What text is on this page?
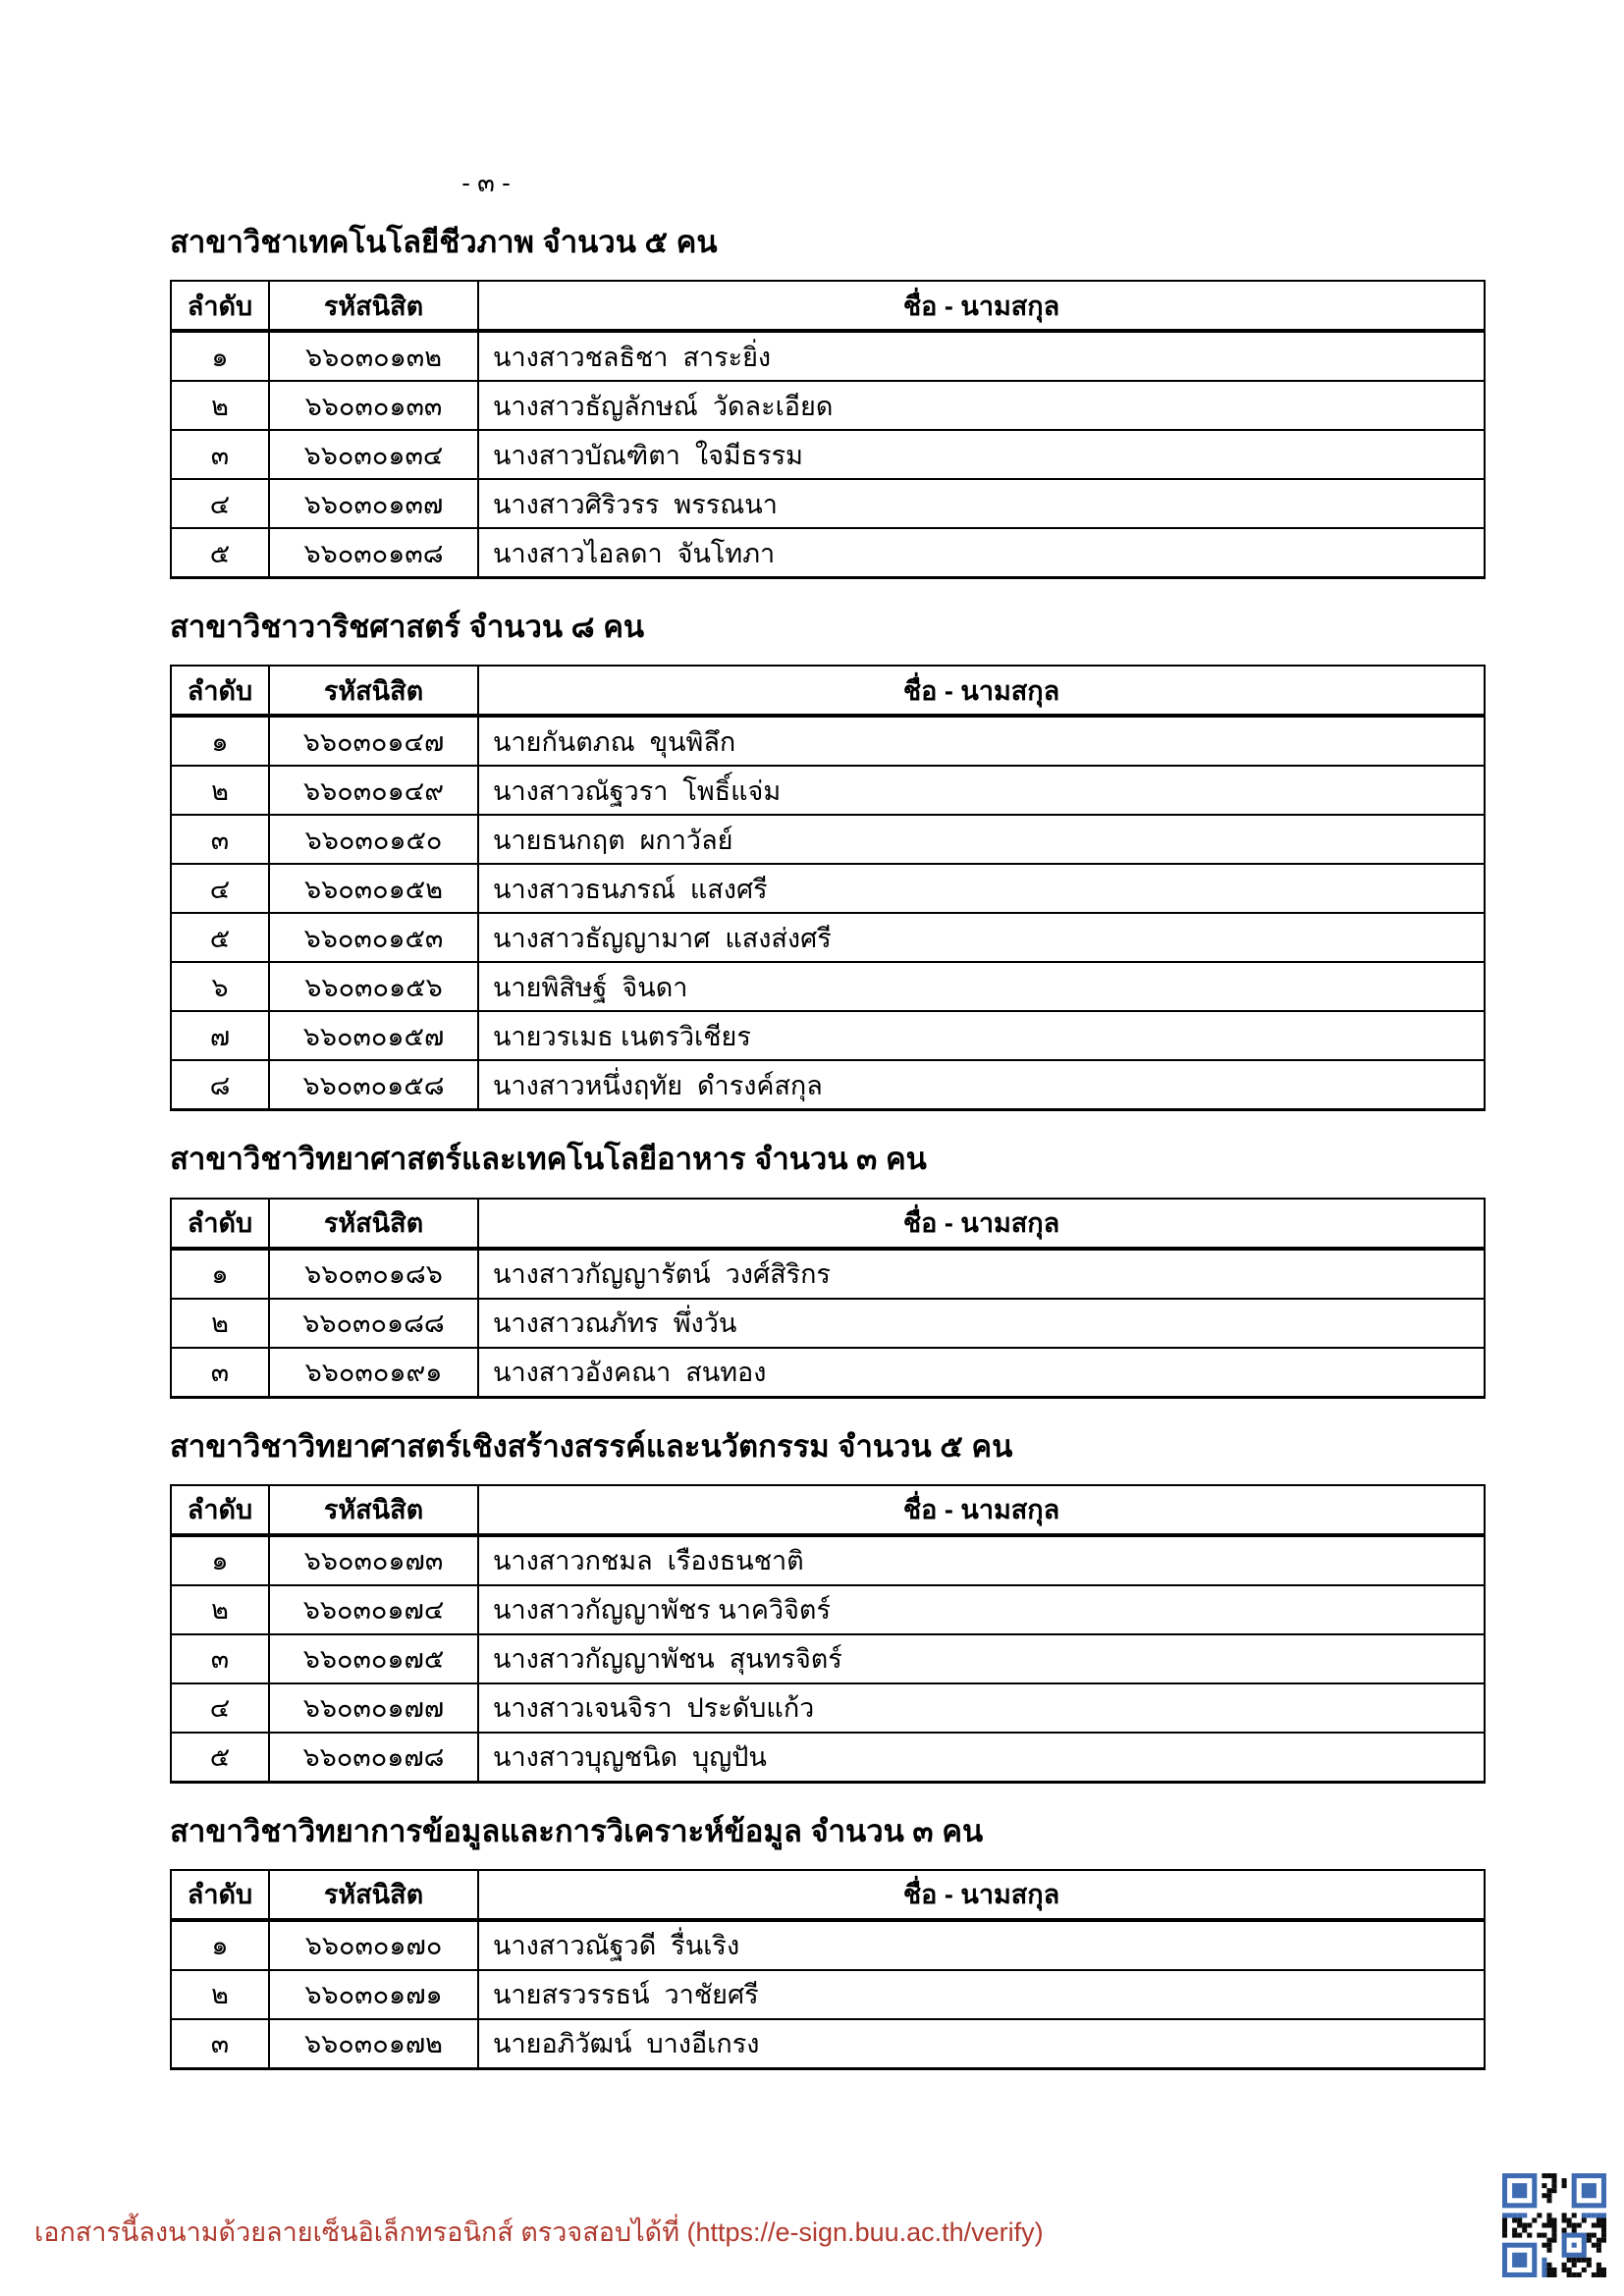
- ๓ -
สาขาวิชาเทคโนโลยีชีวภาพ จำนวน ๕ คน
ลำดับ	รหัสนิสิต	ชื่อ - นามสกุล
๑	๖๖๐๓๐๑๓๒	นางสาวชลธิชา  สาระยิ่ง
๒	๖๖๐๓๐๑๓๓	นางสาวธัญลักษณ์  วัดละเอียด
๓	๖๖๐๓๐๑๓๔	นางสาวบัณฑิตา  ใจมีธรรม
๔	๖๖๐๓๐๑๓๗	นางสาวศิริวรร  พรรณนา
๕	๖๖๐๓๐๑๓๘	นางสาวไอลดา  จันโทภา
สาขาวิชาวาริชศาสตร์ จำนวน ๘ คน
ลำดับ	รหัสนิสิต	ชื่อ - นามสกุล
๑	๖๖๐๓๐๑๔๗	นายกันตภณ  ขุนพิลึก
๒	๖๖๐๓๐๑๔๙	นางสาวณัฐวรา  โพธิ์แจ่ม
๓	๖๖๐๓๐๑๕๐	นายธนกฤต  ผกาวัลย์
๔	๖๖๐๓๐๑๕๒	นางสาวธนภรณ์  แสงศรี
๕	๖๖๐๓๐๑๕๓	นางสาวธัญญามาศ  แสงส่งศรี
๖	๖๖๐๓๐๑๕๖	นายพิสิษฐ์  จินดา
๗	๖๖๐๓๐๑๕๗	นายวรเมธ เนตรวิเชียร
๘	๖๖๐๓๐๑๕๘	นางสาวหนึ่งฤทัย  ดำรงค์สกุล
สาขาวิชาวิทยาศาสตร์และเทคโนโลยีอาหาร จำนวน ๓ คน
ลำดับ	รหัสนิสิต	ชื่อ - นามสกุล
๑	๖๖๐๓๐๑๘๖	นางสาวกัญญารัตน์  วงศ์สิริกร
๒	๖๖๐๓๐๑๘๘	นางสาวณภัทร  พึ่งวัน
๓	๖๖๐๓๐๑๙๑	นางสาวอังคณา  สนทอง
สาขาวิชาวิทยาศาสตร์เชิงสร้างสรรค์และนวัตกรรม จำนวน ๕ คน
ลำดับ	รหัสนิสิต	ชื่อ - นามสกุล
๑	๖๖๐๓๐๑๗๓	นางสาวกชมล  เรืองธนชาติ
๒	๖๖๐๓๐๑๗๔	นางสาวกัญญาพัชร นาควิจิตร์
๓	๖๖๐๓๐๑๗๕	นางสาวกัญญาพัชน  สุนทรจิตร์
๔	๖๖๐๓๐๑๗๗	นางสาวเจนจิรา  ประดับแก้ว
๕	๖๖๐๓๐๑๗๘	นางสาวบุญชนิด  บุญปัน
สาขาวิชาวิทยาการข้อมูลและการวิเคราะห์ข้อมูล จำนวน ๓ คน
ลำดับ	รหัสนิสิต	ชื่อ - นามสกุล
๑	๖๖๐๓๐๑๗๐	นางสาวณัฐวดี  รื่นเริง
๒	๖๖๐๓๐๑๗๑	นายสรวรรธน์  วาชัยศรี
๓	๖๖๐๓๐๑๗๒	นายอภิวัฒน์  บางอีเกรง
เอกสารนี้ลงนามด้วยลายเซ็นอิเล็กทรอนิกส์ ตรวจสอบได้ที่ (https://e-sign.buu.ac.th/verify)
